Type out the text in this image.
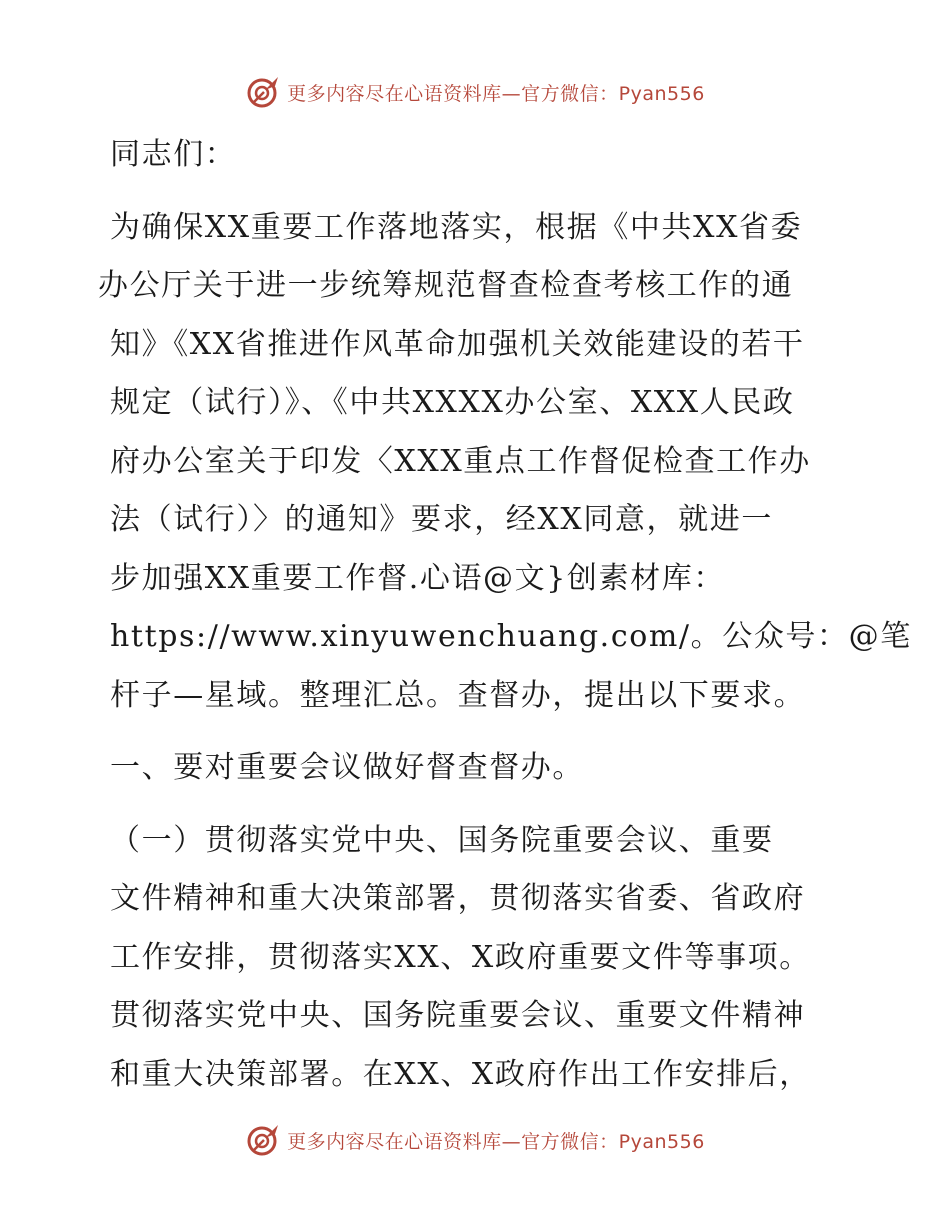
更多内容尽在心语资料库—官方微信：Pyan556

同志们：

为确保XX重要工作落地落实，根据《中共XX省委
办公厅关于进一步统筹规范督查检查考核工作的通
知》《XX省推进作风革命加强机关效能建设的若干
规定（试行）》、《中共XXXX办公室、XXX人民政
府办公室关于印发〈XXX重点工作督促检查工作办
法（试行）〉的通知》要求，经XX同意，就进一
步加强XX重要工作督.心语@文}创素材库：
https://www.xinyuwenchuang.com/。公众号：@笔
杆子—星域。整理汇总。查督办，提出以下要求。

一、要对重要会议做好督查督办。

（一）贯彻落实党中央、国务院重要会议、重要
文件精神和重大决策部署，贯彻落实省委、省政府
工作安排，贯彻落实XX、X政府重要文件等事项。
贯彻落实党中央、国务院重要会议、重要文件精神
和重大决策部署。在XX、X政府作出工作安排后，

更多内容尽在心语资料库—官方微信：Pyan556
